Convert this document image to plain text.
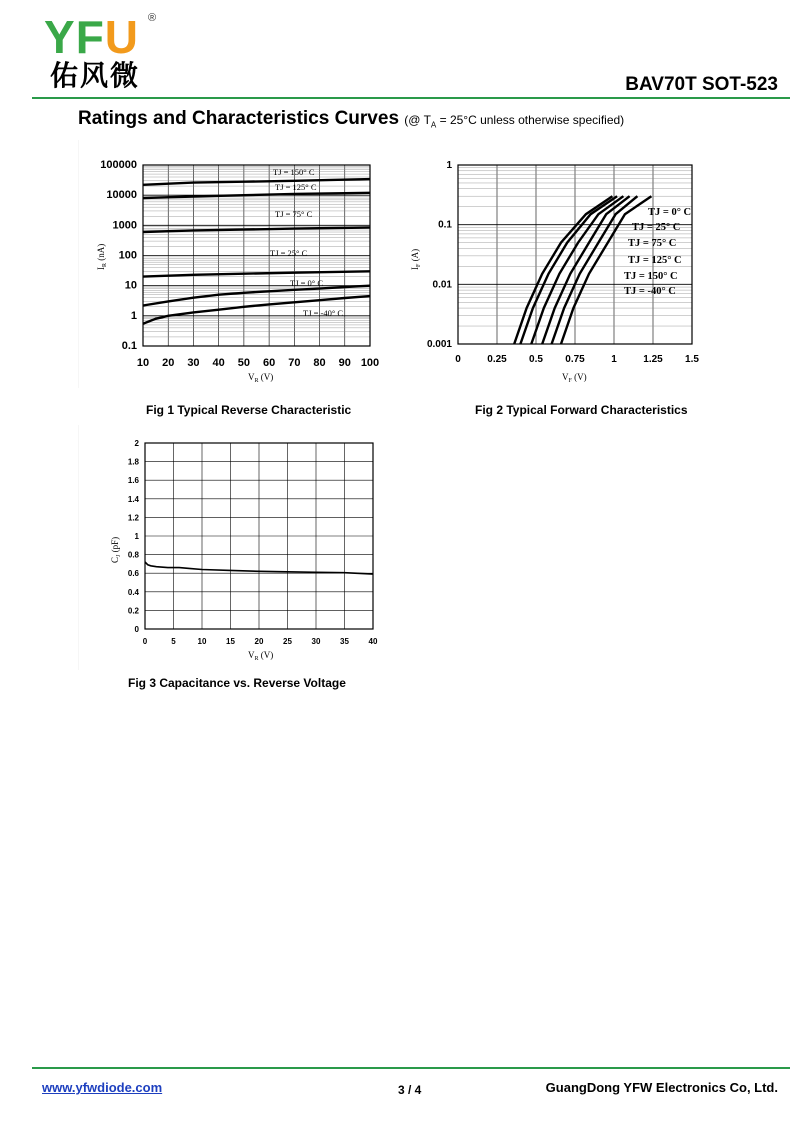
YFU ®
佑风微	BAV70T SOT-523
Ratings and Characteristics Curves (@ $T_A = 25^\circ C$ unless otherwise specified)
100000
10000
1000
100
10
1
0.1
10 20 30 40 50 60 70 80 90 100
TJ = 150° C
TJ = 125° C
TJ = 75° C
TJ = 25° C
TJ = 0° C
TJ = -40° C
$I_R$ (nA)
$V_R$ (V)
Fig 1 Typical Reverse Characteristic
1
0.1
0.01
0.001
0	0.25 0.5 0.75	1	1.25 1.5
TJ = 0° C
TJ = 25° C
TJ = 75° C
TJ = 125° C
TJ = 150° C
TJ = -40° C
$I_F$ (A)
$V_F$ (V)
Fig 2 Typical Forward Characteristics
0
0.2
0.4
0.6
0.8
1
1.2
1.4
1.6
1.8
2
0	5	10 15 20 25 30 35 40
$C_J$ (pF)
$V_R$ (V)
Fig 3 Capacitance vs. Reverse Voltage
www.yfwdiode.com	3 / 4	GuangDong YFW Electronics Co, Ltd.
